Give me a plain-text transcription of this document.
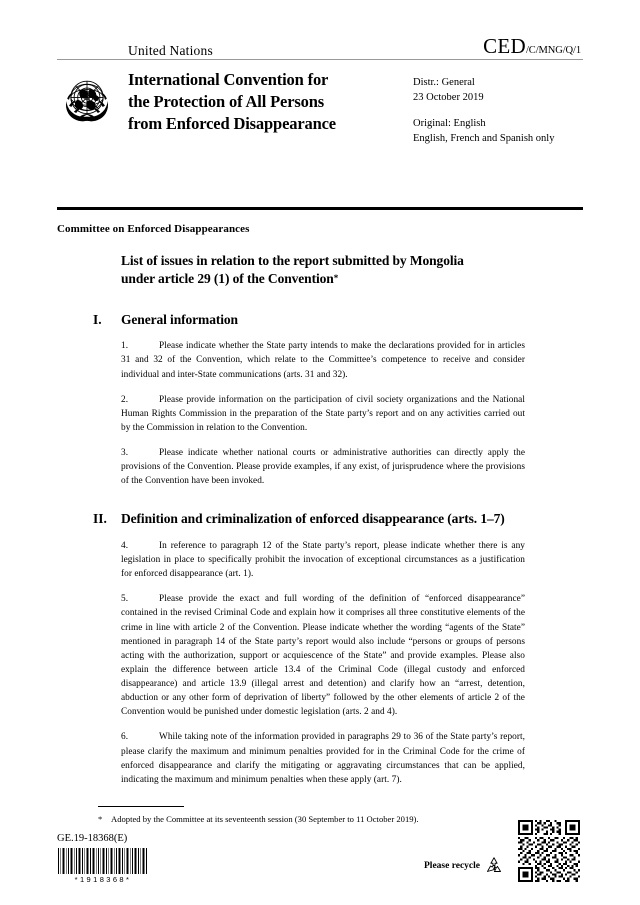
United Nations	CED/C/MNG/Q/1
International Convention for
the Protection of All Persons
from Enforced Disappearance
Distr.: General
23 October 2019
Original: English
English, French and Spanish only
Committee on Enforced Disappearances
List of issues in relation to the report submitted by Mongolia
under article 29 (1) of the Convention*
I.	General information
1.	Please indicate whether the State party intends to make the declarations provided for in articles 31 and 32 of the Convention, which relate to the Committee’s competence to receive and consider individual and inter-State communications (arts. 31 and 32).
2.	Please provide information on the participation of civil society organizations and the National Human Rights Commission in the preparation of the State party’s report and on any activities carried out by the Commission in relation to the Convention.
3.	Please indicate whether national courts or administrative authorities can directly apply the provisions of the Convention. Please provide examples, if any exist, of jurisprudence where the provisions of the Convention have been invoked.
II.	Definition and criminalization of enforced disappearance (arts. 1–7)
4.	In reference to paragraph 12 of the State party’s report, please indicate whether there is any legislation in place to specifically prohibit the invocation of exceptional circumstances as a justification for enforced disappearance (art. 1).
5.	Please provide the exact and full wording of the definition of “enforced disappearance” contained in the revised Criminal Code and explain how it comprises all three constitutive elements of the crime in line with article 2 of the Convention. Please indicate whether the wording “agents of the State” mentioned in paragraph 14 of the State party’s report would also include “persons or groups of persons acting with the authorization, support or acquiescence of the State” and provide examples. Please also explain the difference between article 13.4 of the Criminal Code (illegal custody and enforced disappearance) and article 13.9 (illegal arrest and detention) and clarify how an “arrest, detention, abduction or any other form of deprivation of liberty” followed by the other elements of article 2 of the Convention would be punished under domestic legislation (arts. 2 and 4).
6.	While taking note of the information provided in paragraphs 29 to 36 of the State party’s report, please clarify the maximum and minimum penalties provided for in the Criminal Code for the crime of enforced disappearance and clarify the mitigating or aggravating circumstances that can be applied, indicating the maximum and minimum penalties when these apply (art. 7).
* Adopted by the Committee at its seventeenth session (30 September to 11 October 2019).
GE.19-18368(E)
*1918368*
Please recycle
